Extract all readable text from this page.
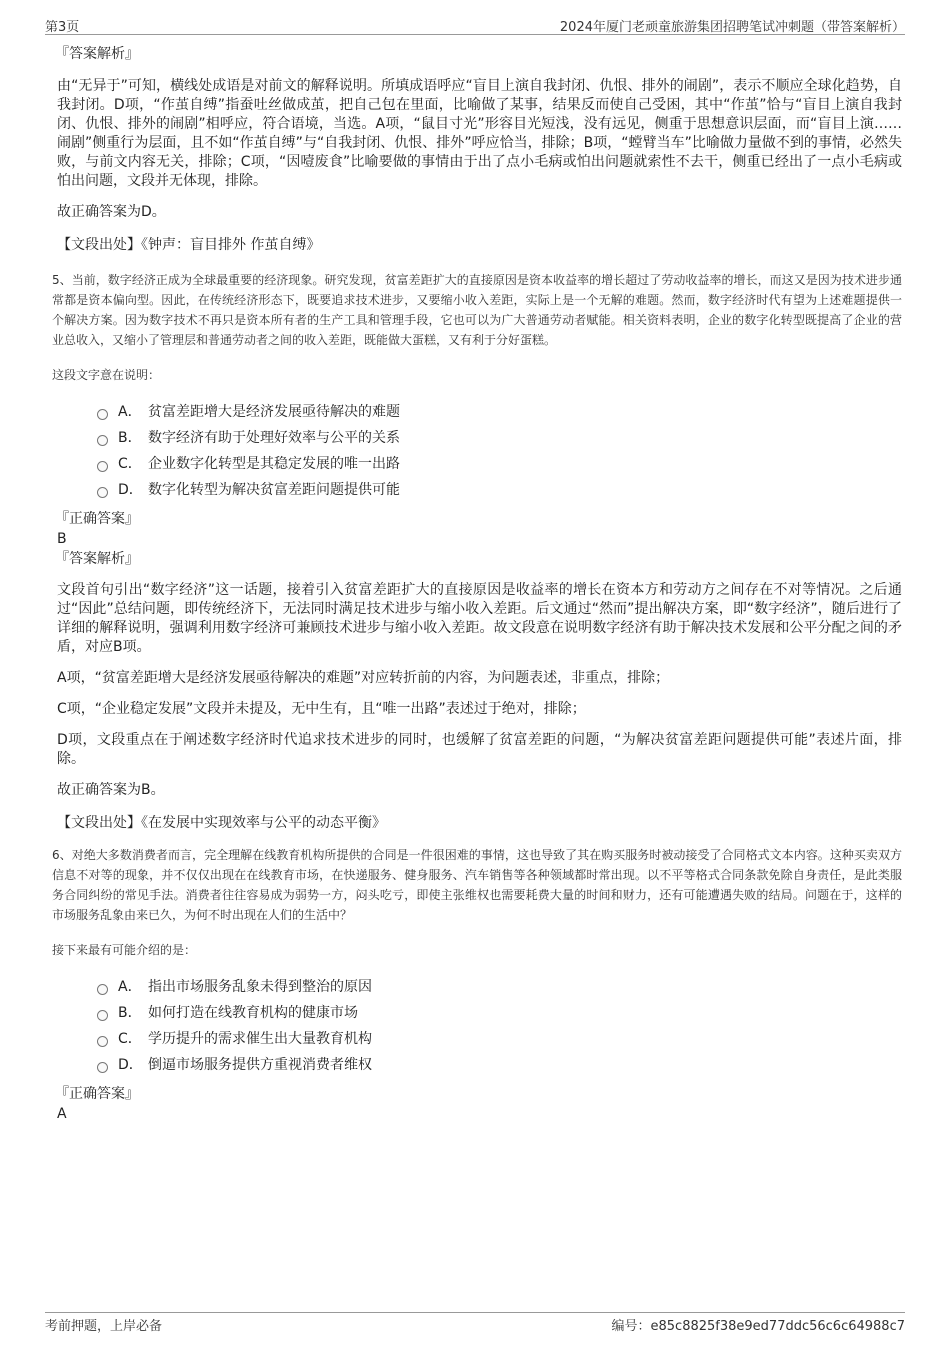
第3页	2024年厦门老顽童旅游集团招聘笔试冲刺题（带答案解析）
『答案解析』
由“无异于”可知，横线处成语是对前文的解释说明。所填成语呼应“盲目上演自我封闭、仇恨、排外的闹剧”，表示不顺应全球化趋势，自我封闭。D项，“作茧自缚”指蚕吐丝做成茧，把自己包在里面，比喻做了某事，结果反而使自己受困，其中“作茧”恰与“盲目上演自我封闭、仇恨、排外的闹剧”相呼应，符合语境，当选。A项，“鼠目寸光”形容目光短浅，没有远见，侧重于思想意识层面，而“盲目上演……闹剧”侧重行为层面，且不如“作茧自缚”与“自我封闭、仇恨、排外”呼应恰当，排除；B项，“螳臂当车”比喻做力量做不到的事情，必然失败，与前文内容无关，排除；C项，“因噎废食”比喻要做的事情由于出了点小毛病或怕出问题就索性不去干，侧重已经出了一点小毛病或怕出问题，文段并无体现，排除。
故正确答案为D。
【文段出处】《钟声：盲目排外 作茧自缚》
5、当前，数字经济正成为全球最重要的经济现象。研究发现，贫富差距扩大的直接原因是资本收益率的增长超过了劳动收益率的增长，而这又是因为技术进步通常都是资本偏向型。因此，在传统经济形态下，既要追求技术进步，又要缩小收入差距，实际上是一个无解的难题。然而，数字经济时代有望为上述难题提供一个解决方案。因为数字技术不再只是资本所有者的生产工具和管理手段，它也可以为广大普通劳动者赋能。相关资料表明，企业的数字化转型既提高了企业的营业总收入，又缩小了管理层和普通劳动者之间的收入差距，既能做大蛋糕，又有利于分好蛋糕。
这段文字意在说明：
A． 贫富差距增大是经济发展亟待解决的难题
B． 数字经济有助于处理好效率与公平的关系
C． 企业数字化转型是其稳定发展的唯一出路
D． 数字化转型为解决贫富差距问题提供可能
『正确答案』
B
『答案解析』
文段首句引出“数字经济”这一话题，接着引入贫富差距扩大的直接原因是收益率的增长在资本方和劳动方之间存在不对等情况。之后通过“因此”总结问题，即传统经济下，无法同时满足技术进步与缩小收入差距。后文通过“然而”提出解决方案，即“数字经济”，随后进行了详细的解释说明，强调利用数字经济可兼顾技术进步与缩小收入差距。故文段意在说明数字经济有助于解决技术发展和公平分配之间的矛盾，对应B项。
A项，“贫富差距增大是经济发展亟待解决的难题”对应转折前的内容，为问题表述，非重点，排除；
C项，“企业稳定发展”文段并未提及，无中生有，且“唯一出路”表述过于绝对，排除；
D项，文段重点在于阐述数字经济时代追求技术进步的同时，也缓解了贫富差距的问题，“为解决贫富差距问题提供可能”表述片面，排除。
故正确答案为B。
【文段出处】《在发展中实现效率与公平的动态平衡》
6、对绝大多数消费者而言，完全理解在线教育机构所提供的合同是一件很困难的事情，这也导致了其在购买服务时被动接受了合同格式文本内容。这种买卖双方信息不对等的现象，并不仅仅出现在在线教育市场，在快递服务、健身服务、汽车销售等各种领域都时常出现。以不平等格式合同条款免除自身责任，是此类服务合同纠纷的常见手法。消费者往往容易成为弱势一方，闷头吃亏，即使主张维权也需要耗费大量的时间和财力，还有可能遭遇失败的结局。问题在于，这样的市场服务乱象由来已久，为何不时出现在人们的生活中？
接下来最有可能介绍的是：
A． 指出市场服务乱象未得到整治的原因
B． 如何打造在线教育机构的健康市场
C． 学历提升的需求催生出大量教育机构
D． 倒逼市场服务提供方重视消费者维权
『正确答案』
A
考前押题，上岸必备	编号：e85c8825f38e9ed77ddc56c6c64988c7
